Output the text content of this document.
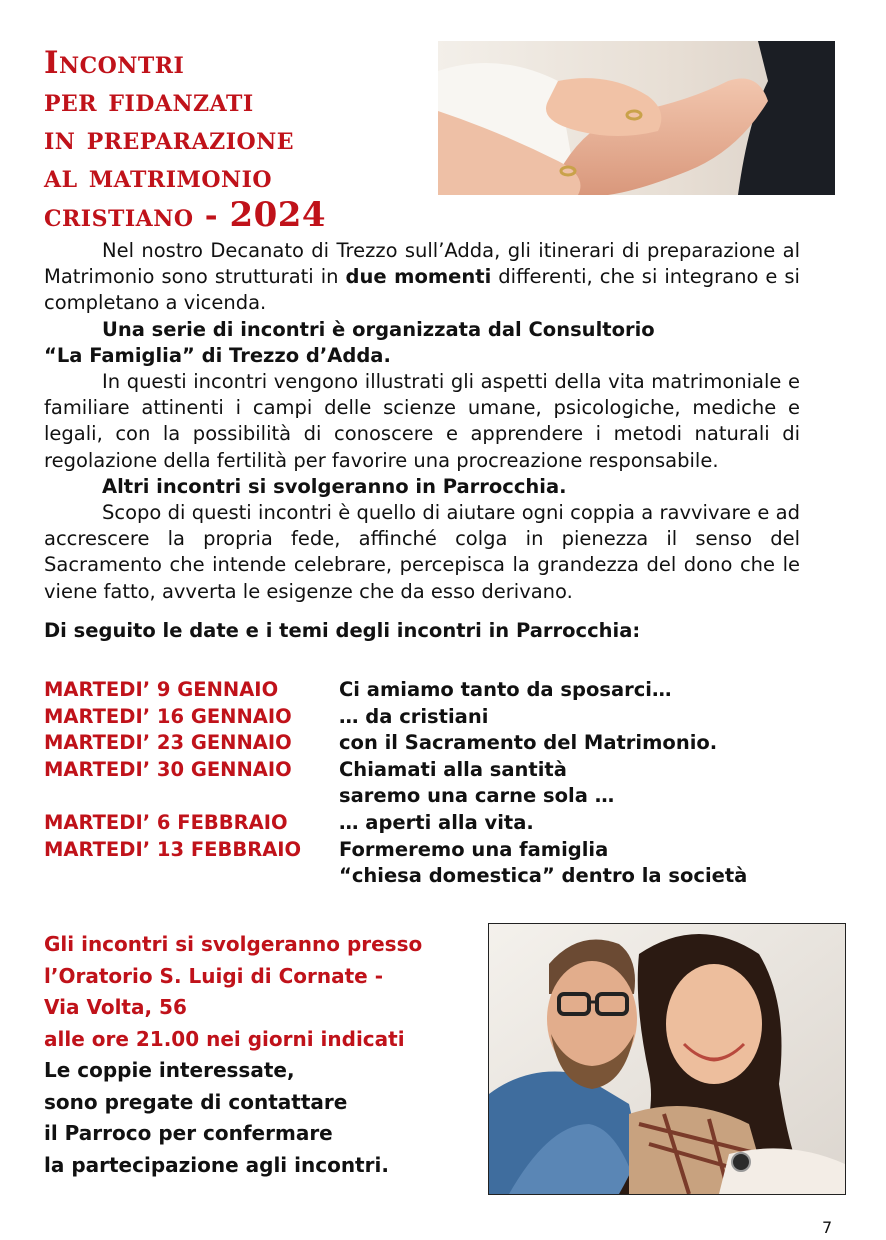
Incontri
per fidanzati
in preparazione
al matrimonio
cristiano - 2024

Nel nostro Decanato di Trezzo sull’Adda, gli itinerari di preparazione al Matrimonio sono strutturati in due momenti differenti, che si integrano e si completano a vicenda.

Una serie di incontri è organizzata dal Consultorio
“La Famiglia” di Trezzo d’Adda.

In questi incontri vengono illustrati gli aspetti della vita matrimoniale e familiare attinenti i campi delle scienze umane, psicologiche, mediche e legali, con la possibilità di conoscere e apprendere i metodi naturali di regolazione della fertilità per favorire una procreazione responsabile.

Altri incontri si svolgeranno in Parrocchia.

Scopo di questi incontri è quello di aiutare ogni coppia a ravvivare e ad accrescere la propria fede, affinché colga in pienezza il senso del Sacramento che intende celebrare, percepisca la grandezza del dono che le viene fatto, avverta le esigenze che da esso derivano.

Di seguito le date e i temi degli incontri in Parrocchia:
MARTEDI’ 9 GENNAIO	Ci amiamo tanto da sposarci…
MARTEDI’ 16 GENNAIO … da cristiani
MARTEDI’ 23 GENNAIO con il Sacramento del Matrimonio.
MARTEDI’ 30 GENNAIO Chiamati alla santità
saremo una carne sola …
MARTEDI’ 6 FEBBRAIO	… aperti alla vita.
MARTEDI’ 13 FEBBRAIO Formeremo una famiglia
“chiesa domestica” dentro la società
Gli incontri si svolgeranno presso
l’Oratorio S. Luigi di Cornate -
Via Volta, 56
alle ore 21.00 nei giorni indicati
Le coppie interessate,
sono pregate di contattare
il Parroco per confermare
la partecipazione agli incontri.
7
